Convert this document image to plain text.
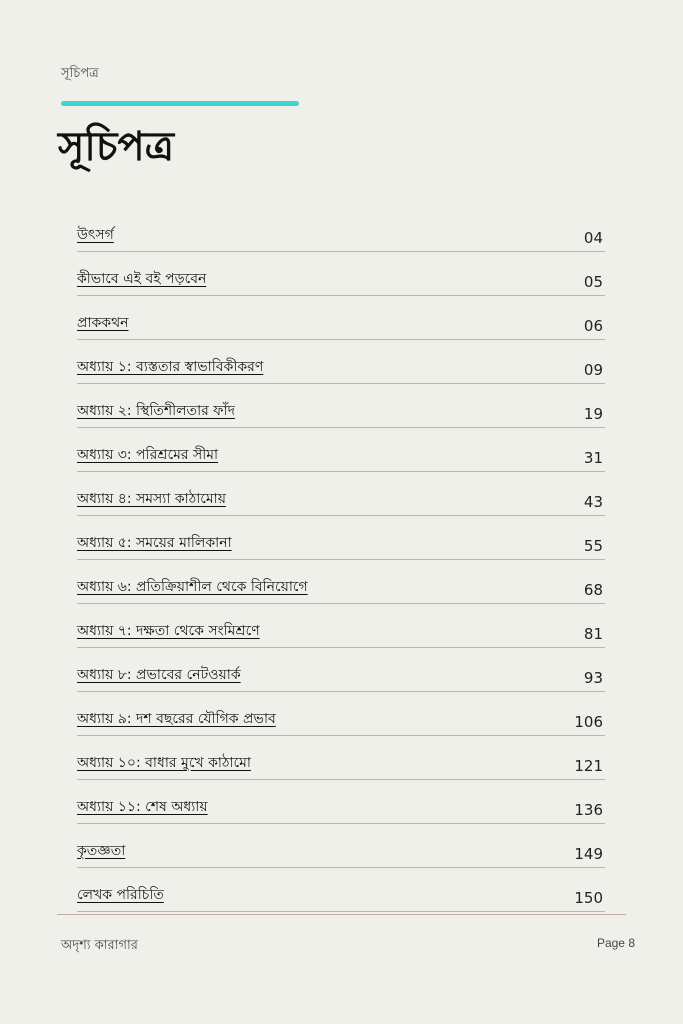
সূচিপত্র
সূচিপত্র
উৎসর্গ	04
কীভাবে এই বই পড়বেন	05
প্রাককথন	06
অধ্যায় ১: ব্যস্ততার স্বাভাবিকীকরণ	09
অধ্যায় ২: স্থিতিশীলতার ফাঁদ	19
অধ্যায় ৩: পরিশ্রমের সীমা	31
অধ্যায় ৪: সমস্যা কাঠামোয়	43
অধ্যায় ৫: সময়ের মালিকানা	55
অধ্যায় ৬: প্রতিক্রিয়াশীল থেকে বিনিয়োগে	68
অধ্যায় ৭: দক্ষতা থেকে সংমিশ্রণে	81
অধ্যায় ৮: প্রভাবের নেটওয়ার্ক	93
অধ্যায় ৯: দশ বছরের যৌগিক প্রভাব	106
অধ্যায় ১০: বাধার মুখে কাঠামো	121
অধ্যায় ১১: শেষ অধ্যায়	136
কৃতজ্ঞতা	149
লেখক পরিচিতি	150
অদৃশ্য কারাগার	Page 8
